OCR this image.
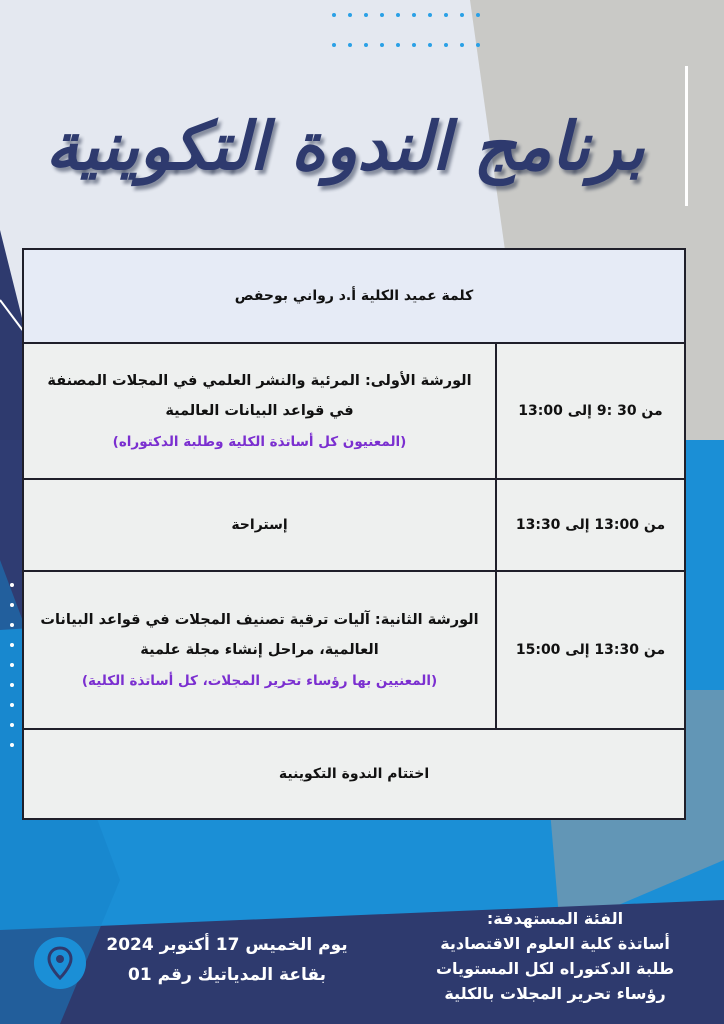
برنامج الندوة التكوينية
كلمة عميد الكلية أ.د رواني بوحفص	
من 30 :9 إلى 13:00	الورشة الأولى: المرئية والنشر العلمي في المجلات المصنفة
في قواعد البيانات العالمية
(المعنيون كل أساتذة الكلية وطلبة الدكتوراه)

من 13:00 إلى 13:30	إستراحة
من 13:30 إلى 15:00	الورشة الثانية: آليات ترقية تصنيف المجلات في قواعد البيانات
العالمية، مراحل إنشاء مجلة علمية
(المعنيين بها رؤساء تحرير المجلات، كل أساتذة الكلية)

اختتام الندوة التكوينية	
يوم الخميس 17 أكتوبر 2024
بقاعة المدياتيك رقم 01
الفئة المستهدفة:
أساتذة كلية العلوم الاقتصادية
طلبة الدكتوراه لكل المستويات
رؤساء تحرير المجلات بالكلية
